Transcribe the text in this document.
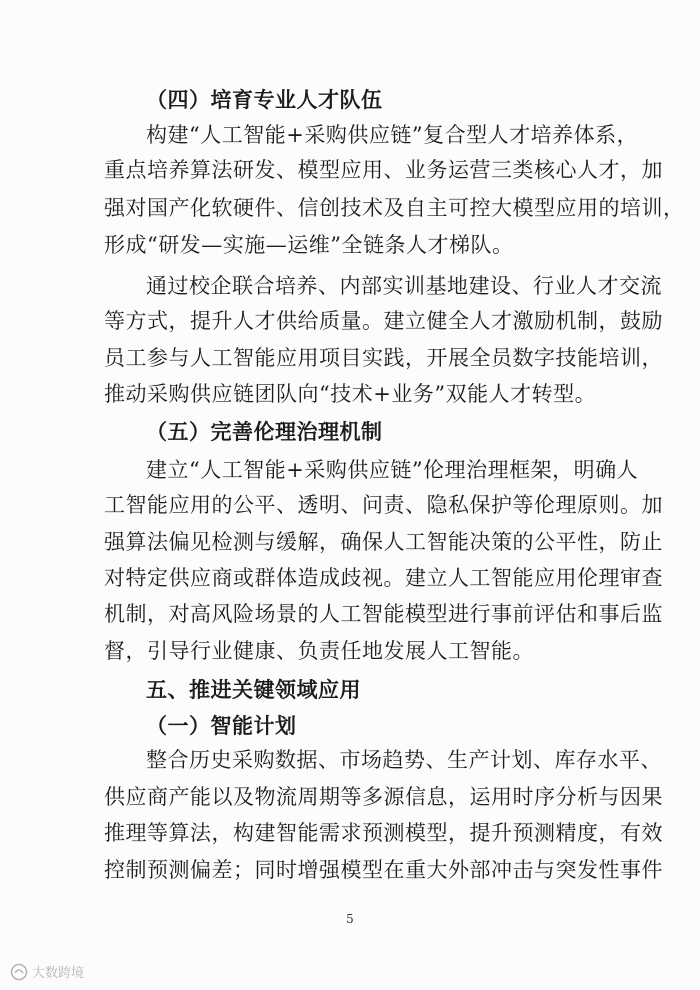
（四）培育专业人才队伍
构建“人工智能+采购供应链”复合型人才培养体系，
重点培养算法研发、模型应用、业务运营三类核心人才，加
强对国产化软硬件、信创技术及自主可控大模型应用的培训，
形成“研发—实施—运维”全链条人才梯队。
通过校企联合培养、内部实训基地建设、行业人才交流
等方式，提升人才供给质量。建立健全人才激励机制，鼓励
员工参与人工智能应用项目实践，开展全员数字技能培训，
推动采购供应链团队向“技术+业务”双能人才转型。
（五）完善伦理治理机制
建立“人工智能+采购供应链”伦理治理框架，明确人
工智能应用的公平、透明、问责、隐私保护等伦理原则。加
强算法偏见检测与缓解，确保人工智能决策的公平性，防止
对特定供应商或群体造成歧视。建立人工智能应用伦理审查
机制，对高风险场景的人工智能模型进行事前评估和事后监
督，引导行业健康、负责任地发展人工智能。
五、推进关键领域应用
（一）智能计划
整合历史采购数据、市场趋势、生产计划、库存水平、
供应商产能以及物流周期等多源信息，运用时序分析与因果
推理等算法，构建智能需求预测模型，提升预测精度，有效
控制预测偏差；同时增强模型在重大外部冲击与突发性事件
5
大数跨境
